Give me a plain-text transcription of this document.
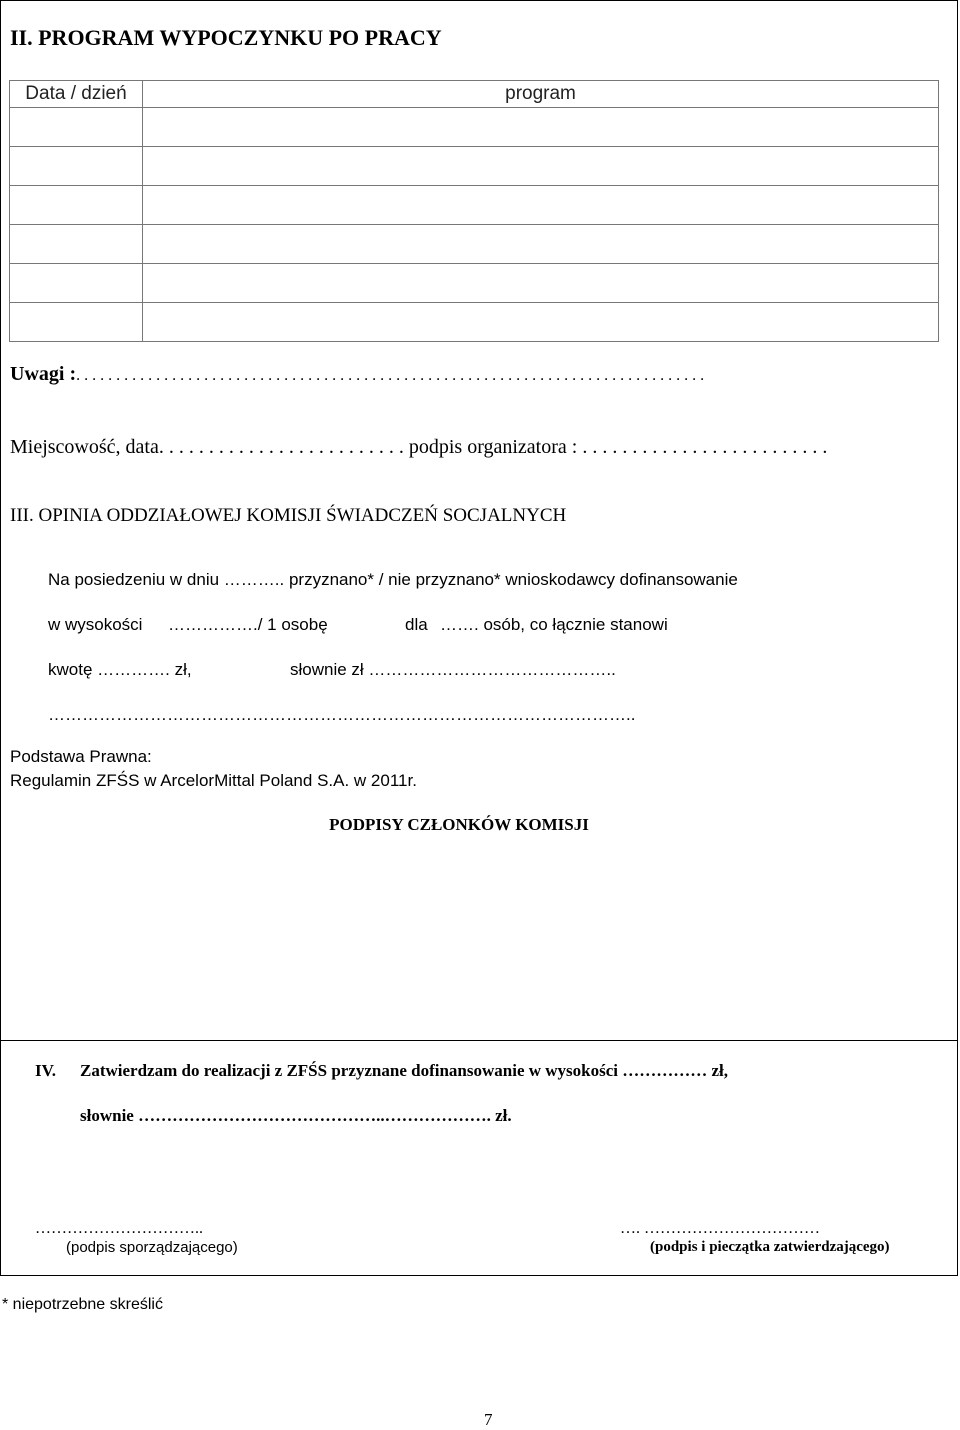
II. PROGRAM WYPOCZYNKU PO PRACY
Data / dzień	program

Uwagi :. . . . . . . . . . . . . . . . . . . . . . . . . . . . . . . . . . . . . . . . . . . . . . . . . . . . . . . . . . . . . . . . . . . . . . . . . . . . . . .
Miejscowość, data. . . . . . . . . . . . . . . . . . . . . . . . . podpis organizatora : . . . . . . . . . . . . . . . . . . . . . . . . .
III. OPINIA ODDZIAŁOWEJ KOMISJI ŚWIADCZEŃ SOCJALNYCH
Na posiedzeniu w dniu ……….. przyznano* / nie przyznano* wnioskodawcy dofinansowanie
w wysokości ……………./ 1 osobę	dla ……. osób, co łącznie stanowi
kwotę …………. zł,	słownie zł ……………………………………..
…………………………………………………………………………………………..
Podstawa Prawna:
Regulamin ZFŚS w ArcelorMittal Poland S.A. w 2011r.
PODPISY CZŁONKÓW KOMISJI
IV. Zatwierdzam do realizacji z ZFŚS przyznane dofinansowanie w wysokości …………… zł,
słownie ……………………………………..………………. zł.
…………………………..
(podpis sporządzającego)
…. ……………………………
(podpis i pieczątka zatwierdzającego)
* niepotrzebne skreślić
7
